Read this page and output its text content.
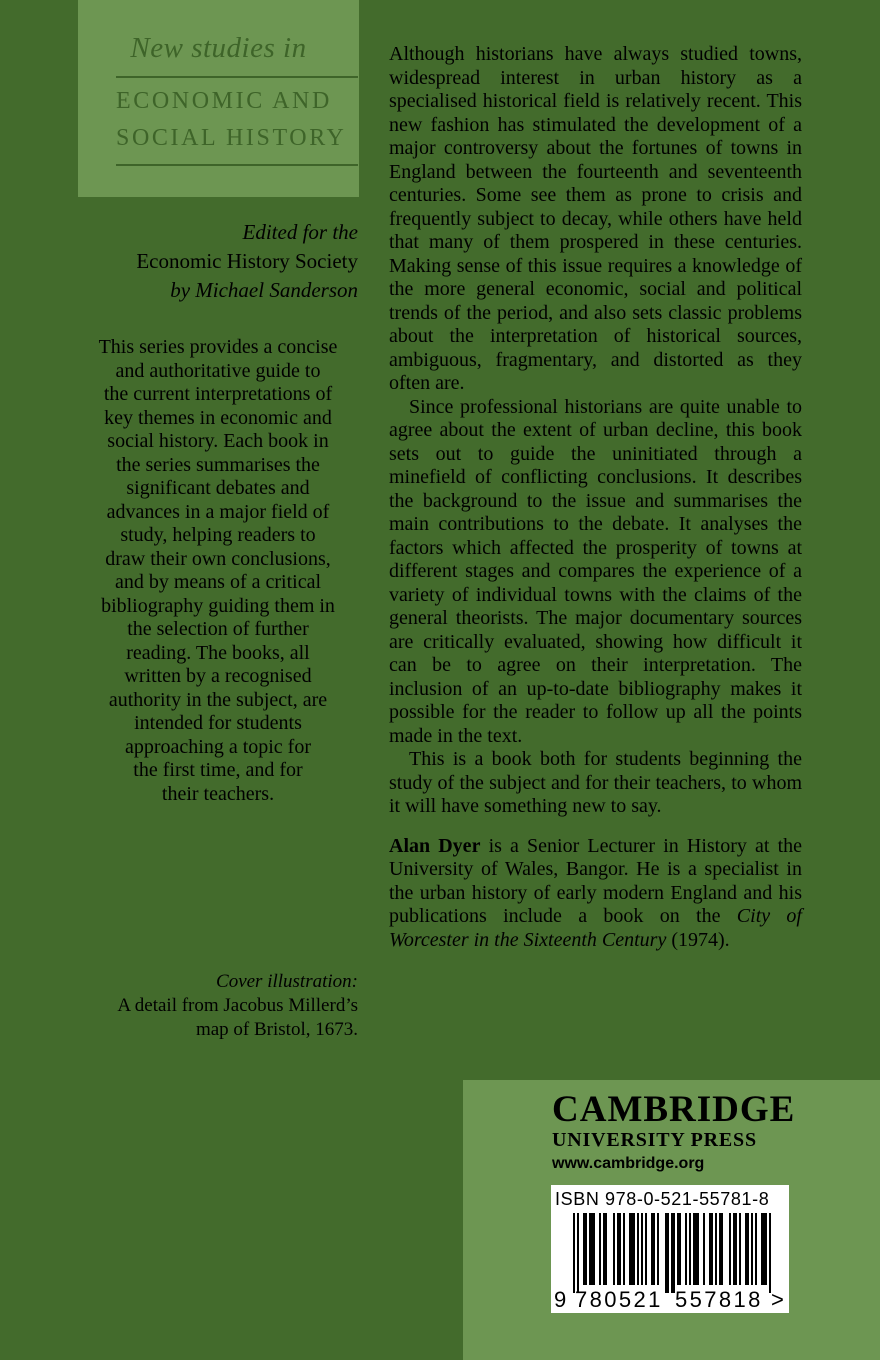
New studies in
ECONOMIC AND
SOCIAL HISTORY
Edited for the
Economic History Society
by Michael Sanderson
This series provides a concise
and authoritative guide to
the current interpretations of
key themes in economic and
social history. Each book in
the series summarises the
significant debates and
advances in a major field of
study, helping readers to
draw their own conclusions,
and by means of a critical
bibliography guiding them in
the selection of further
reading. The books, all
written by a recognised
authority in the subject, are
intended for students
approaching a topic for
the first time, and for
their teachers.
Cover illustration:
A detail from Jacobus Millerd’s
map of Bristol, 1673.

Although historians have always studied towns, widespread interest in urban history as a specialised historical field is relatively recent. This new fashion has stimulated the development of a major controversy about the fortunes of towns in England between the fourteenth and seventeenth centuries. Some see them as prone to crisis and frequently subject to decay, while others have held that many of them prospered in these centuries. Making sense of this issue requires a knowledge of the more general economic, social and political trends of the period, and also sets classic problems about the interpretation of historical sources, ambiguous, fragmentary, and distorted as they often are.

Since professional historians are quite unable to agree about the extent of urban decline, this book sets out to guide the uninitiated through a minefield of conflicting conclusions. It describes the background to the issue and summarises the main contributions to the debate. It analyses the factors which affected the prosperity of towns at different stages and compares the experience of a variety of individual towns with the claims of the general theorists. The major documentary sources are critically evaluated, showing how difficult it can be to agree on their interpretation. The inclusion of an up-to-date bibliography makes it possible for the reader to follow up all the points made in the text.

This is a book both for students beginning the study of the subject and for their teachers, to whom it will have something new to say.

Alan Dyer is a Senior Lecturer in History at the University of Wales, Bangor. He is a specialist in the urban history of early modern England and his publications include a book on the City of Worcester in the Sixteenth Century (1974).

CAMBRIDGE
UNIVERSITY PRESS
www.cambridge.org
ISBN 978-0-521-55781-8
9 780521 557818 >
